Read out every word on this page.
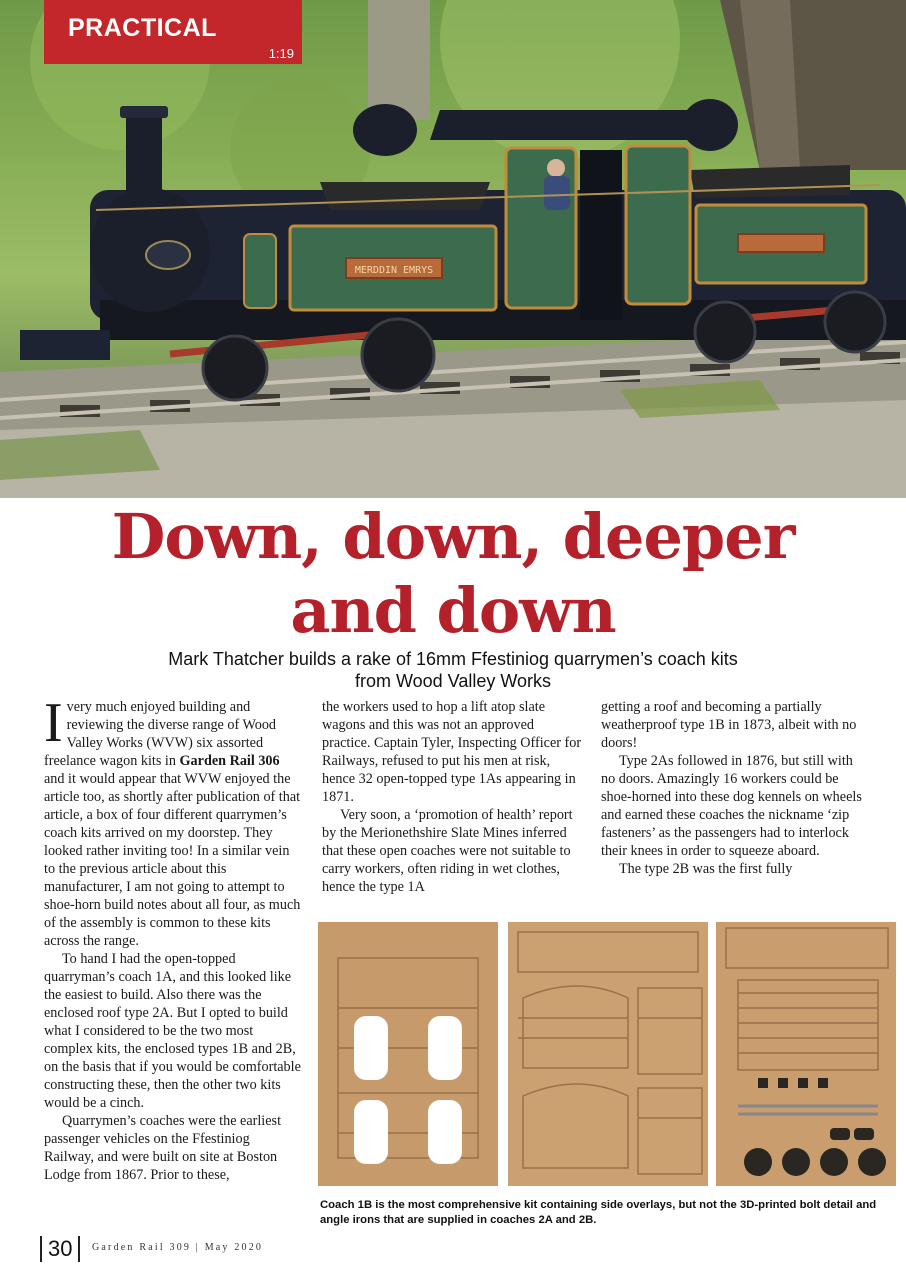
MERDDIN EMRYS
PRACTICAL
1:19
Down, down, deeper
and down

Mark Thatcher builds a rake of 16mm Ffestiniog quarrymen’s coach kits
from Wood Valley Works

I very much enjoyed building and reviewing the diverse range of Wood Valley Works (WVW) six assorted freelance wagon kits in Garden Rail 306 and it would appear that WVW enjoyed the article too, as shortly after publication of that article, a box of four different quarrymen’s coach kits arrived on my doorstep. They looked rather inviting too! In a similar vein to the previous article about this manufacturer, I am not going to attempt to shoe-horn build notes about all four, as much of the assembly is common to these kits across the range.

To hand I had the open-topped quarryman’s coach 1A, and this looked like the easiest to build. Also there was the enclosed roof type 2A. But I opted to build what I considered to be the two most complex kits, the enclosed types 1B and 2B, on the basis that if you would be comfortable constructing these, then the other two kits would be a cinch.

Quarrymen’s coaches were the earliest passenger vehicles on the Ffestiniog Railway, and were built on site at Boston Lodge from 1867. Prior to these,

the workers used to hop a lift atop slate wagons and this was not an approved practice. Captain Tyler, Inspecting Officer for Railways, refused to put his men at risk, hence 32 open-topped type 1As appearing in 1871.

Very soon, a ‘promotion of health’ report by the Merionethshire Slate Mines inferred that these open coaches were not suitable to carry workers, often riding in wet clothes, hence the type 1A

getting a roof and becoming a partially weatherproof type 1B in 1873, albeit with no doors!

Type 2As followed in 1876, but still with no doors. Amazingly 16 workers could be shoe-horned into these dog kennels on wheels and earned these coaches the nickname ‘zip fasteners’ as the passengers had to interlock their knees in order to squeeze aboard.

The type 2B was the first fully

Coach 1B is the most comprehensive kit containing side overlays, but not the 3D-printed bolt detail and angle irons that are supplied in coaches 2A and 2B.

30 Garden Rail 309 | May 2020
